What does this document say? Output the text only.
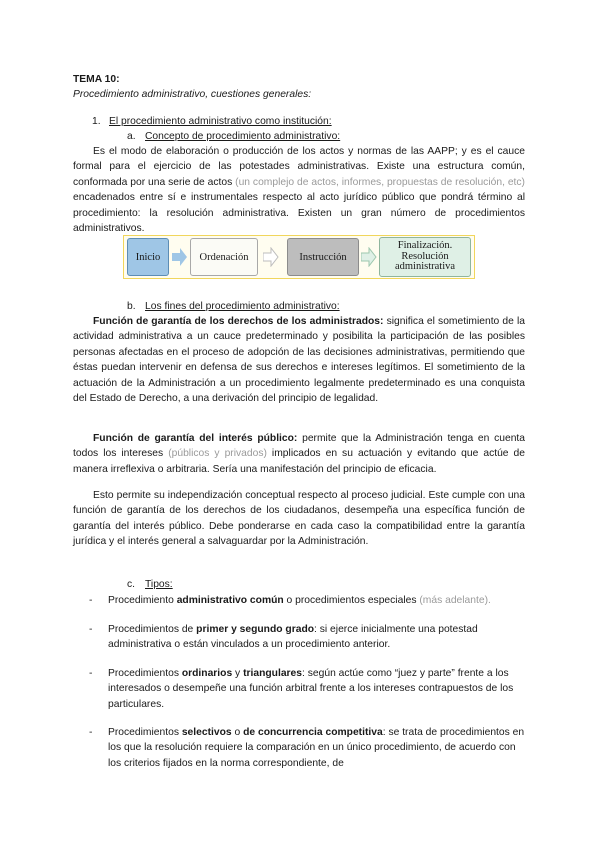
TEMA 10:
Procedimiento administrativo, cuestiones generales:
1. El procedimiento administrativo como institución:
a. Concepto de procedimiento administrativo:

Es el modo de elaboración o producción de los actos y normas de las AAPP; y es el cauce formal para el ejercicio de las potestades administrativas. Existe una estructura común, conformada por una serie de actos (un complejo de actos, informes, propuestas de resolución, etc) encadenados entre sí e instrumentales respecto al acto jurídico público que pondrá término al procedimiento: la resolución administrativa. Existen un gran número de procedimientos administrativos.

Inicio	Ordenación	Instrucción
Finalización. Resolución administrativa
b. Los fines del procedimiento administrativo:

Función de garantía de los derechos de los administrados: significa el sometimiento de la actividad administrativa a un cauce predeterminado y posibilita la participación de las posibles personas afectadas en el proceso de adopción de las decisiones administrativas, permitiendo que éstas puedan intervenir en defensa de sus derechos e intereses legítimos. El sometimiento de la actuación de la Administración a un procedimiento legalmente predeterminado es una conquista del Estado de Derecho, a una derivación del principio de legalidad.

Función de garantía del interés público: permite que la Administración tenga en cuenta todos los intereses (públicos y privados) implicados en su actuación y evitando que actúe de manera irreflexiva o arbitraria. Sería una manifestación del principio de eficacia.

Esto permite su independización conceptual respecto al proceso judicial. Este cumple con una función de garantía de los derechos de los ciudadanos, desempeña una específica función de garantía del interés público. Debe ponderarse en cada caso la compatibilidad entre la garantía jurídica y el interés general a salvaguardar por la Administración.

c. Tipos:
- Procedimiento administrativo común o procedimientos especiales (más adelante).
- Procedimientos de primer y segundo grado: si ejerce inicialmente una potestad administrativa o están vinculados a un procedimiento anterior.
- Procedimientos ordinarios y triangulares: según actúe como “juez y parte” frente a los interesados o desempeñe una función arbitral frente a los intereses contrapuestos de los particulares.
- Procedimientos selectivos o de concurrencia competitiva: se trata de procedimientos en los que la resolución requiere la comparación en un único procedimiento, de acuerdo con los criterios fijados en la norma correspondiente, de
